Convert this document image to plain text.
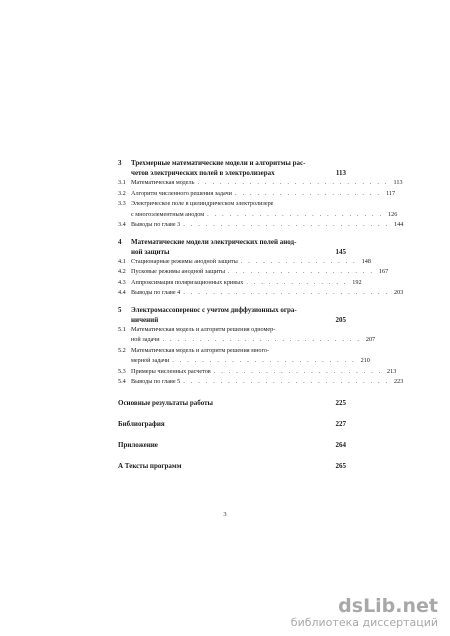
3	Трехмерные математические модели и алгоритмы рас-
четов электрических полей в электролизерах	113
3.1 Математическая модель . . . . . . . . . . . . . . . . . . . . . . . . . . 113
3.2 Алгоритм численного решения задачи . . . . . . . . . . . . . . . . . . . . 117
3.3 Электрическое поле в цилиндрическом электролизере
с многоэлементным анодом . . . . . . . . . . . . . . . . . . . . . . . . 126
3.4 Выводы по главе 3 . . . . . . . . . . . . . . . . . . . . . . . . . . . . 144
4	Математические модели электрических полей анод-
ной защиты	145
4.1 Стационарные режимы анодной защиты . . . . . . . . . . . . . . . . 148
4.2 Пусковые режимы анодной защиты . . . . . . . . . . . . . . . . . . . . 167
4.3 Аппроксимация поляризационных кривых . . . . . . . . . . . . . . 192
4.4 Выводы по главе 4 . . . . . . . . . . . . . . . . . . . . . . . . . . . . 203
5	Электромассоперенос с учетом диффузионных огра-
ничений	205
5.1 Математическая модель и алгоритм решения одномер-
ной задачи . . . . . . . . . . . . . . . . . . . . . . . . . . . 207
5.2 Математическая модель и алгоритм решения много-
мерной задачи . . . . . . . . . . . . . . . . . . . . . . . . . 210
5.3 Примеры численных расчетов . . . . . . . . . . . . . . . . . . . . . . . 213
5.4 Выводы по главе 5 . . . . . . . . . . . . . . . . . . . . . . . . . . . . 223
Основные результаты работы	225
Библиография	227
Приложение	264
А Тексты программ	265
3
dsLib.net
библиотека диссертаций
